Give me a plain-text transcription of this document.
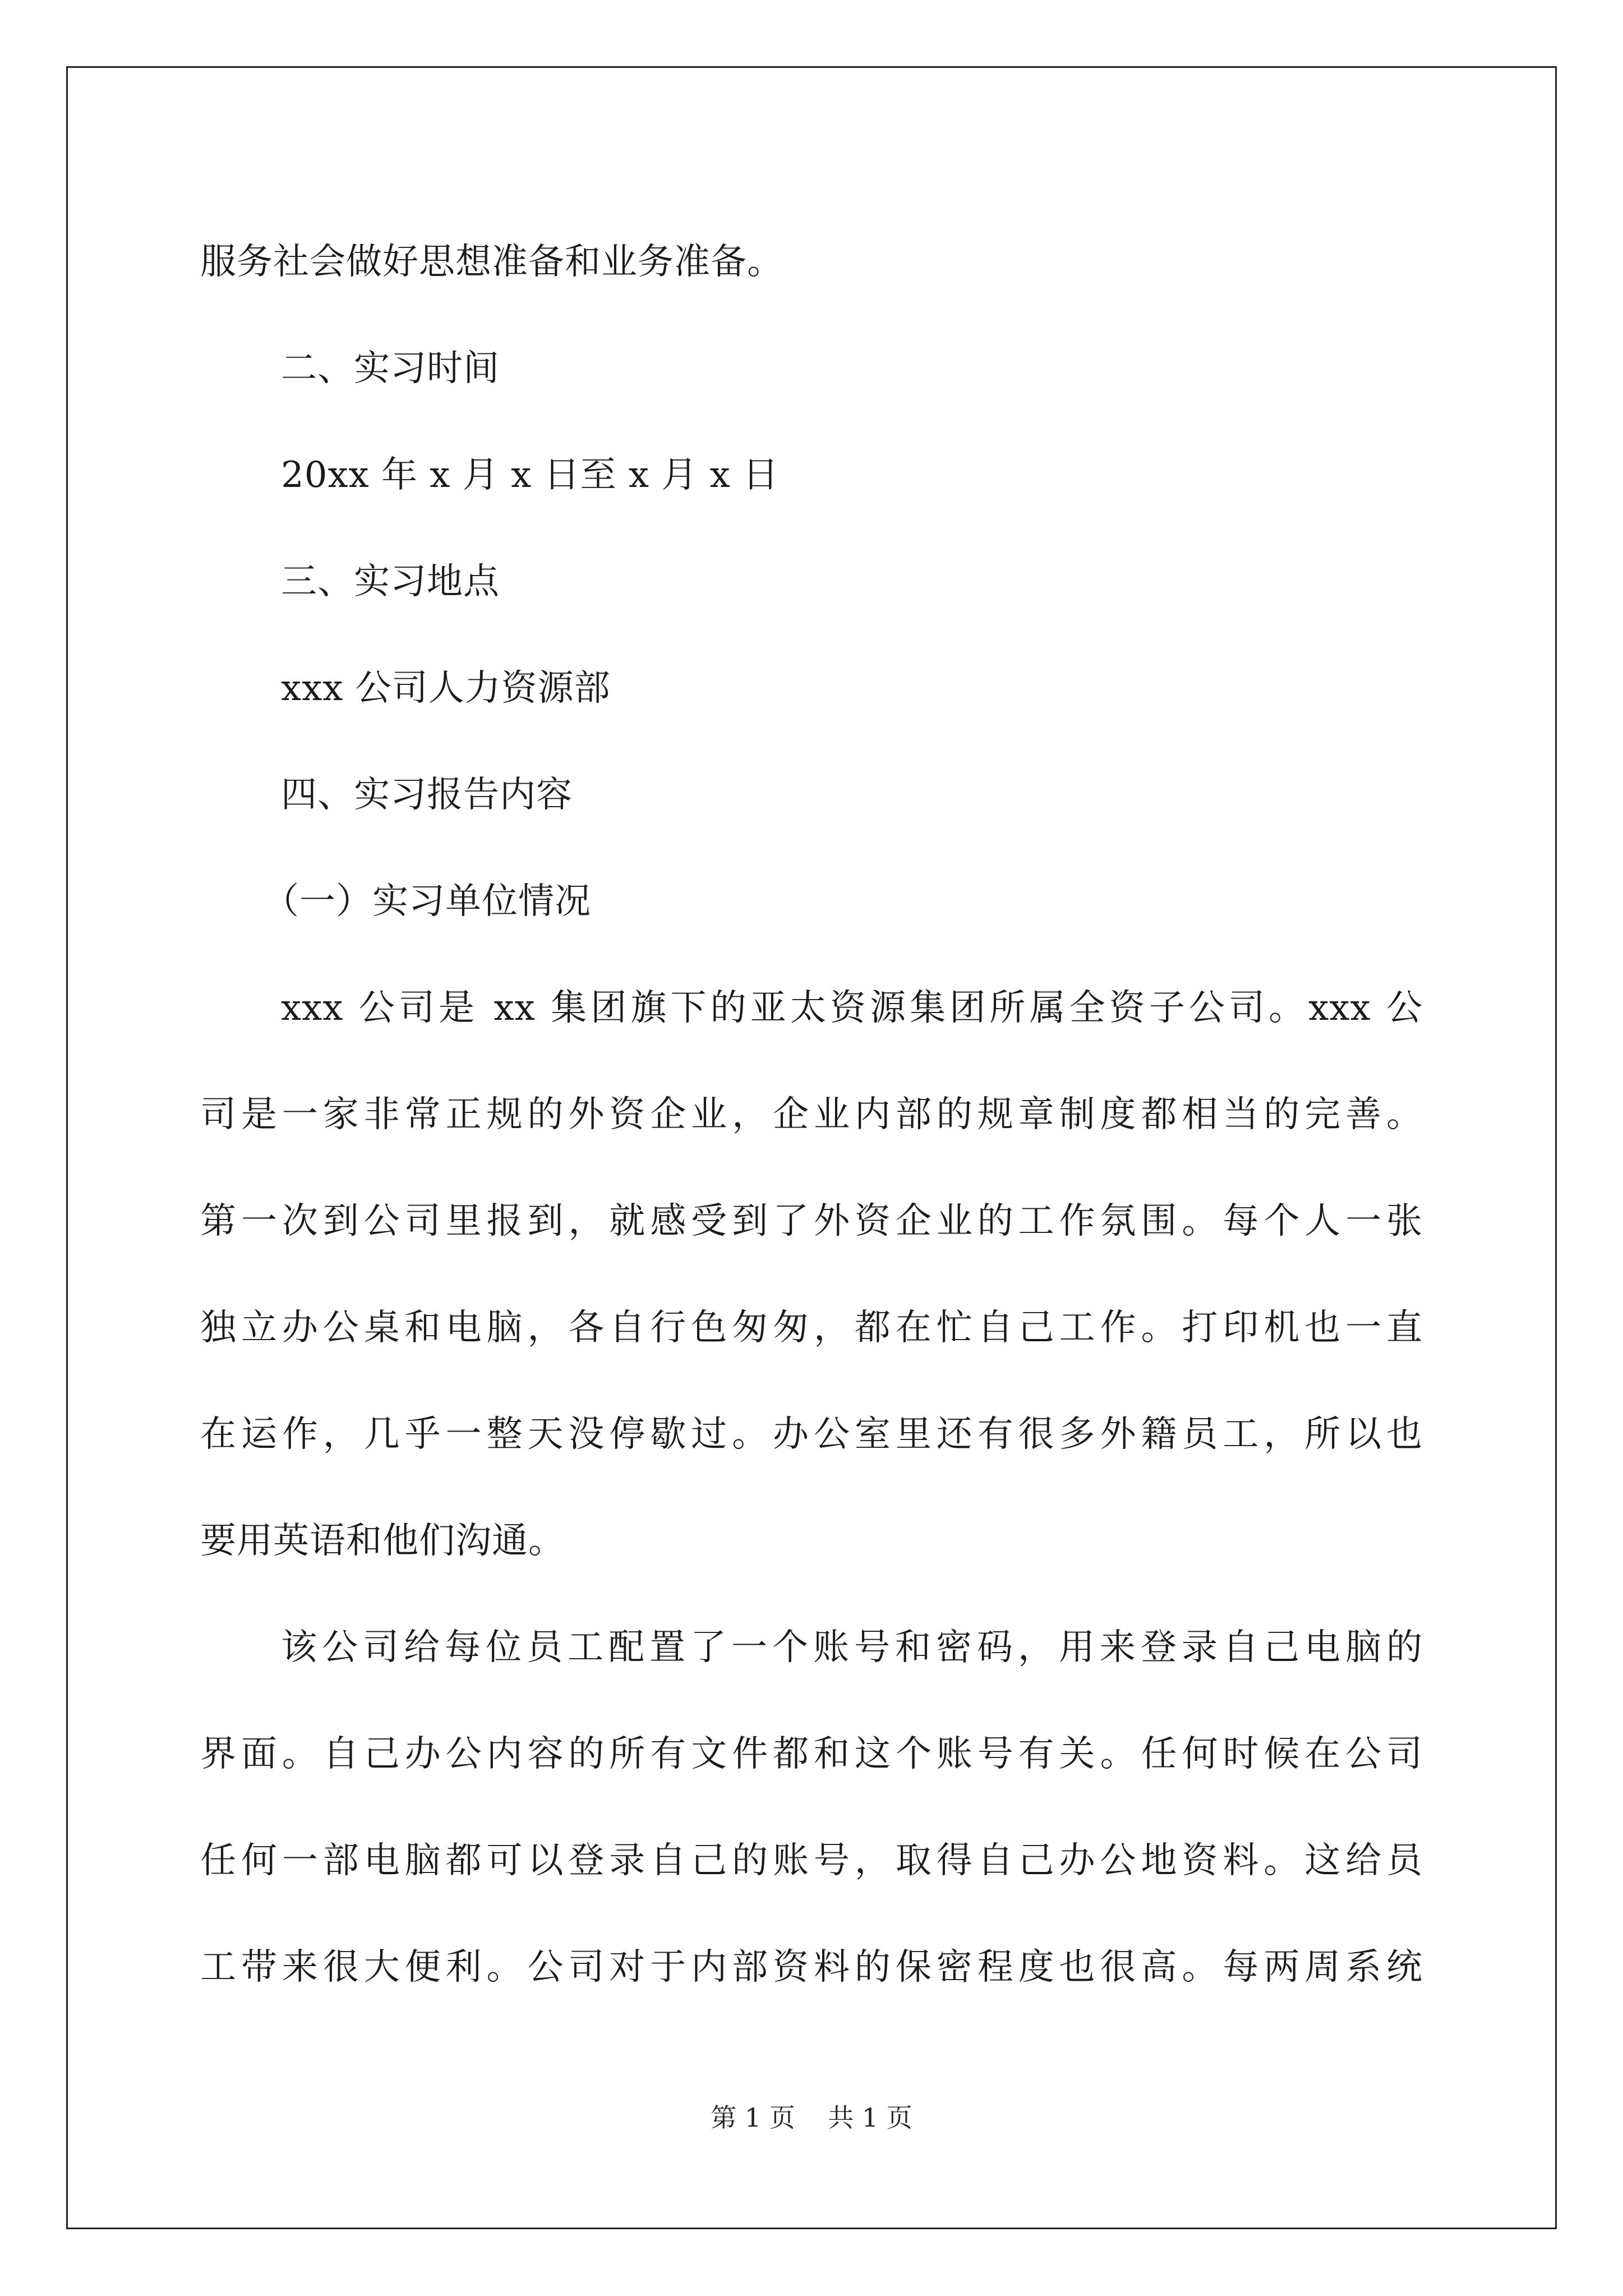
服务社会做好思想准备和业务准备。
二、实习时间
20xx 年 x 月 x 日至 x 月 x 日
三、实习地点
xxx 公司人力资源部
四、实习报告内容
（一）实习单位情况
xxx 公司是 xx 集团旗下的亚太资源集团所属全资子公司。xxx 公
司是一家非常正规的外资企业，企业内部的规章制度都相当的完善。
第一次到公司里报到，就感受到了外资企业的工作氛围。每个人一张
独立办公桌和电脑，各自行色匆匆，都在忙自己工作。打印机也一直
在运作，几乎一整天没停歇过。办公室里还有很多外籍员工，所以也
要用英语和他们沟通。
该公司给每位员工配置了一个账号和密码，用来登录自己电脑的
界面。自己办公内容的所有文件都和这个账号有关。任何时候在公司
任何一部电脑都可以登录自己的账号，取得自己办公地资料。这给员
工带来很大便利。公司对于内部资料的保密程度也很高。每两周系统
第 1 页    共 1 页
